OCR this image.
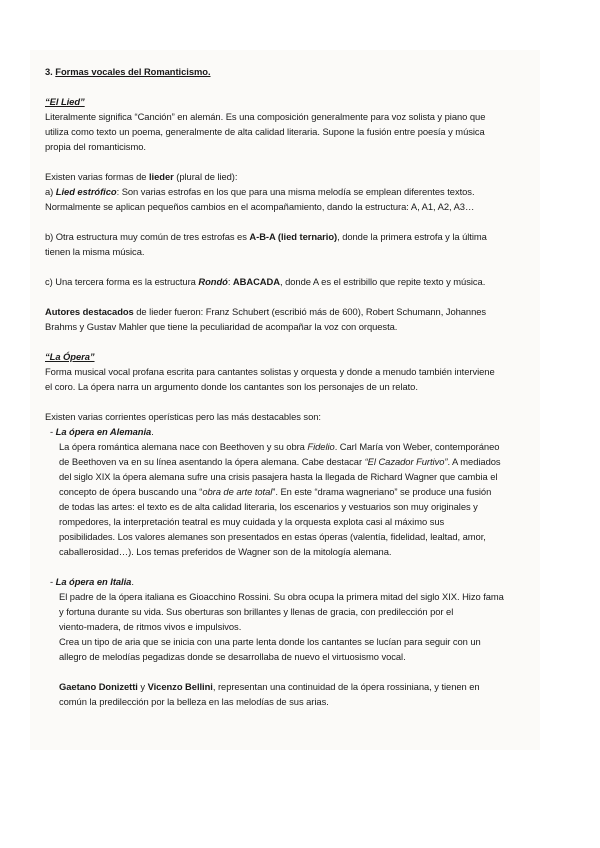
3. Formas vocales del Romanticismo.

“El Lied”

Literalmente significa “Canción” en alemán. Es una composición generalmente para voz solista y piano que

utiliza como texto un poema, generalmente de alta calidad literaria. Supone la fusión entre poesía y música

propia del romanticismo.

Existen varias formas de lieder (plural de lied):

a) Lied estrófico: Son varias estrofas en los que para una misma melodía se emplean diferentes textos.

Normalmente se aplican pequeños cambios en el acompañamiento, dando la estructura: A, A1, A2, A3…

b) Otra estructura muy común de tres estrofas es A-B-A (lied ternario), donde la primera estrofa y la última

tienen la misma música.

c) Una tercera forma es la estructura Rondó: ABACADA, donde A es el estribillo que repite texto y música.

Autores destacados de lieder fueron: Franz Schubert (escribió más de 600), Robert Schumann, Johannes

Brahms y Gustav Mahler que tiene la peculiaridad de acompañar la voz con orquesta.

“La Ópera”

Forma musical vocal profana escrita para cantantes solistas y orquesta y donde a menudo también interviene

el coro. La ópera narra un argumento donde los cantantes son los personajes de un relato.

Existen varias corrientes operísticas pero las más destacables son:

- La ópera en Alemania.

La ópera romántica alemana nace con Beethoven y su obra Fidelio. Carl María von Weber, contemporáneo

de Beethoven va en su línea asentando la ópera alemana. Cabe destacar “El Cazador Furtivo”. A mediados

del siglo XIX la ópera alemana sufre una crisis pasajera hasta la llegada de Richard Wagner que cambia el

concepto de ópera buscando una “obra de arte total”. En este “drama wagneriano” se produce una fusión

de todas las artes: el texto es de alta calidad literaria, los escenarios y vestuarios son muy originales y

rompedores, la interpretación teatral es muy cuidada y la orquesta explota casi al máximo sus

posibilidades. Los valores alemanes son presentados en estas óperas (valentía, fidelidad, lealtad, amor,

caballerosidad…). Los temas preferidos de Wagner son de la mitología alemana.

- La ópera en Italia.

El padre de la ópera italiana es Gioacchino Rossini. Su obra ocupa la primera mitad del siglo XIX. Hizo fama

y fortuna durante su vida. Sus oberturas son brillantes y llenas de gracia, con predilección por el

viento-madera, de ritmos vivos e impulsivos.

Crea un tipo de aria que se inicia con una parte lenta donde los cantantes se lucían para seguir con un

allegro de melodías pegadizas donde se desarrollaba de nuevo el virtuosismo vocal.

Gaetano Donizetti y Vicenzo Bellini, representan una continuidad de la ópera rossiniana, y tienen en

común la predilección por la belleza en las melodías de sus arias.
